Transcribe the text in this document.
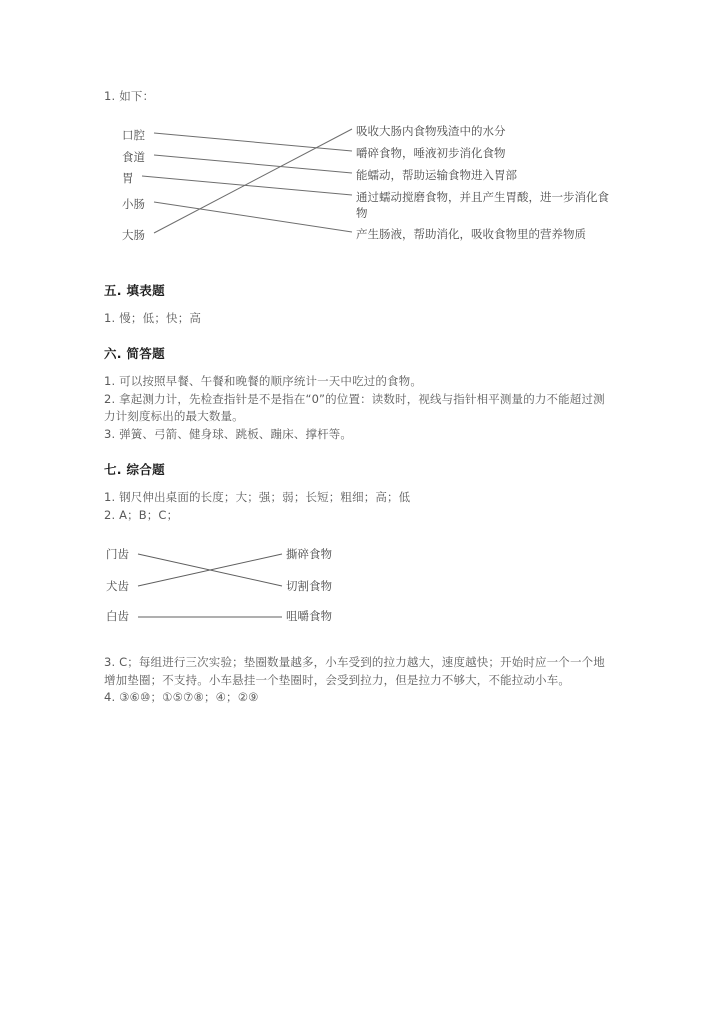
1. 如下：
口腔
食道
胃
小肠
大肠
吸收大肠内食物残渣中的水分
嚼碎食物，唾液初步消化食物
能蠕动，帮助运输食物进入胃部
通过蠕动搅磨食物，并且产生胃酸，进一步消化食物
产生肠液，帮助消化，吸收食物里的营养物质
五. 填表题
1. 慢；低；快；高
六. 简答题
1. 可以按照早餐、午餐和晚餐的顺序统计一天中吃过的食物。
2. 拿起测力计，先检查指针是不是指在“0”的位置：读数时，视线与指针相平测量的力不能超过测力计刻度标出的最大数量。
3. 弹簧、弓箭、健身球、跳板、蹦床、撑杆等。
七. 综合题
1. 钢尺伸出桌面的长度；大；强；弱；长短；粗细；高；低
2. A；B；C；
门齿
犬齿
白齿
撕碎食物
切割食物
咀嚼食物
3. C；每组进行三次实验；垫圈数量越多，小车受到的拉力越大，速度越快；开始时应一个一个地增加垫圈；不支持。小车悬挂一个垫圈时，会受到拉力，但是拉力不够大，不能拉动小车。
4. ③⑥⑩；①⑤⑦⑧；④；②⑨
